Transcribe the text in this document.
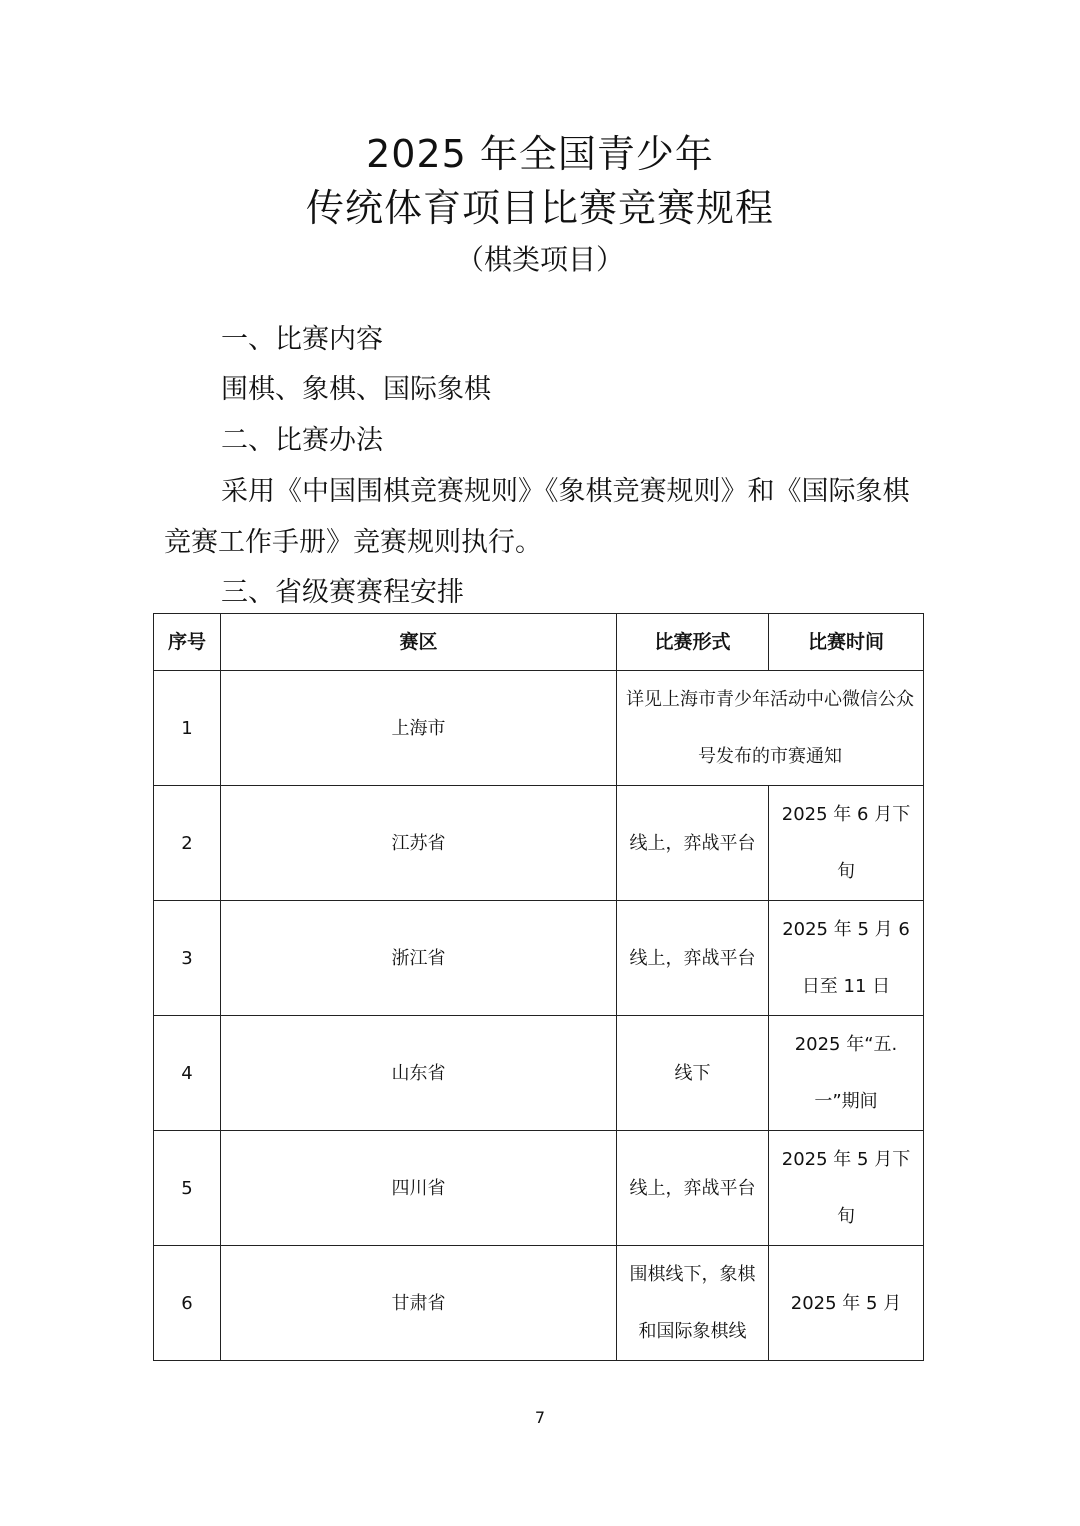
2025 年全国青少年
传统体育项目比赛竞赛规程
（棋类项目）
一、比赛内容
围棋、象棋、国际象棋
二、比赛办法
采用《中国围棋竞赛规则》《象棋竞赛规则》和《国际象棋
竞赛工作手册》竞赛规则执行。
三、省级赛赛程安排
序号	赛区	比赛形式	比赛时间
1	上海市	详见上海市青少年活动中心微信公众号发布的市赛通知	
2	江苏省	线上，弈战平台	2025 年 6 月下旬
3	浙江省	线上，弈战平台	2025 年 5 月 6 日至 11 日
4	山东省	线下	2025 年“五.一”期间
5	四川省	线上，弈战平台	2025 年 5 月下旬
6	甘肃省	围棋线下，象棋和国际象棋线	2025 年 5 月
7
